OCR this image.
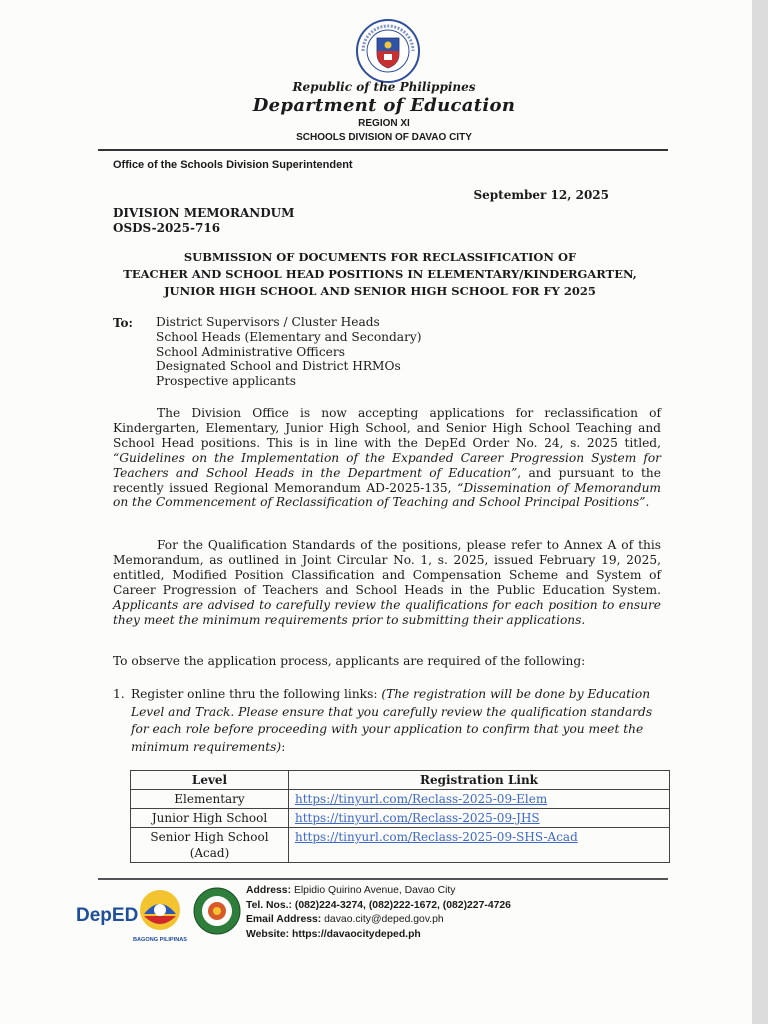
Republic of the Philippines
Department of Education
REGION XI
SCHOOLS DIVISION OF DAVAO CITY
Office of the Schools Division Superintendent
September 12, 2025
DIVISION MEMORANDUM
OSDS-2025-716
SUBMISSION OF DOCUMENTS FOR RECLASSIFICATION OF
TEACHER AND SCHOOL HEAD POSITIONS IN ELEMENTARY/KINDERGARTEN,
JUNIOR HIGH SCHOOL AND SENIOR HIGH SCHOOL FOR FY 2025
To: District Supervisors / Cluster Heads
School Heads (Elementary and Secondary)
School Administrative Officers
Designated School and District HRMOs
Prospective applicants

The Division Office is now accepting applications for reclassification of Kindergarten, Elementary, Junior High School, and Senior High School Teaching and School Head positions. This is in line with the DepEd Order No. 24, s. 2025 titled, “Guidelines on the Implementation of the Expanded Career Progression System for Teachers and School Heads in the Department of Education”, and pursuant to the recently issued Regional Memorandum AD-2025-135, “Dissemination of Memorandum on the Commencement of Reclassification of Teaching and School Principal Positions”.

For the Qualification Standards of the positions, please refer to Annex A of this Memorandum, as outlined in Joint Circular No. 1, s. 2025, issued February 19, 2025, entitled, Modified Position Classification and Compensation Scheme and System of Career Progression of Teachers and School Heads in the Public Education System. Applicants are advised to carefully review the qualifications for each position to ensure they meet the minimum requirements prior to submitting their applications.

To observe the application process, applicants are required of the following:

1. Register online thru the following links: (The registration will be done by Education Level and Track. Please ensure that you carefully review the qualification standards for each role before proceeding with your application to confirm that you meet the minimum requirements):
Level	Registration Link
Elementary	https://tinyurl.com/Reclass-2025-09-Elem
Junior High School	https://tinyurl.com/Reclass-2025-09-JHS
Senior High School (Acad)	https://tinyurl.com/Reclass-2025-09-SHS-Acad
DepED
BAGONG PILIPINAS
Address: Elpidio Quirino Avenue, Davao City
Tel. Nos.: (082)224-3274, (082)222-1672, (082)227-4726
Email Address: davao.city@deped.gov.ph
Website: https://davaocitydeped.ph
